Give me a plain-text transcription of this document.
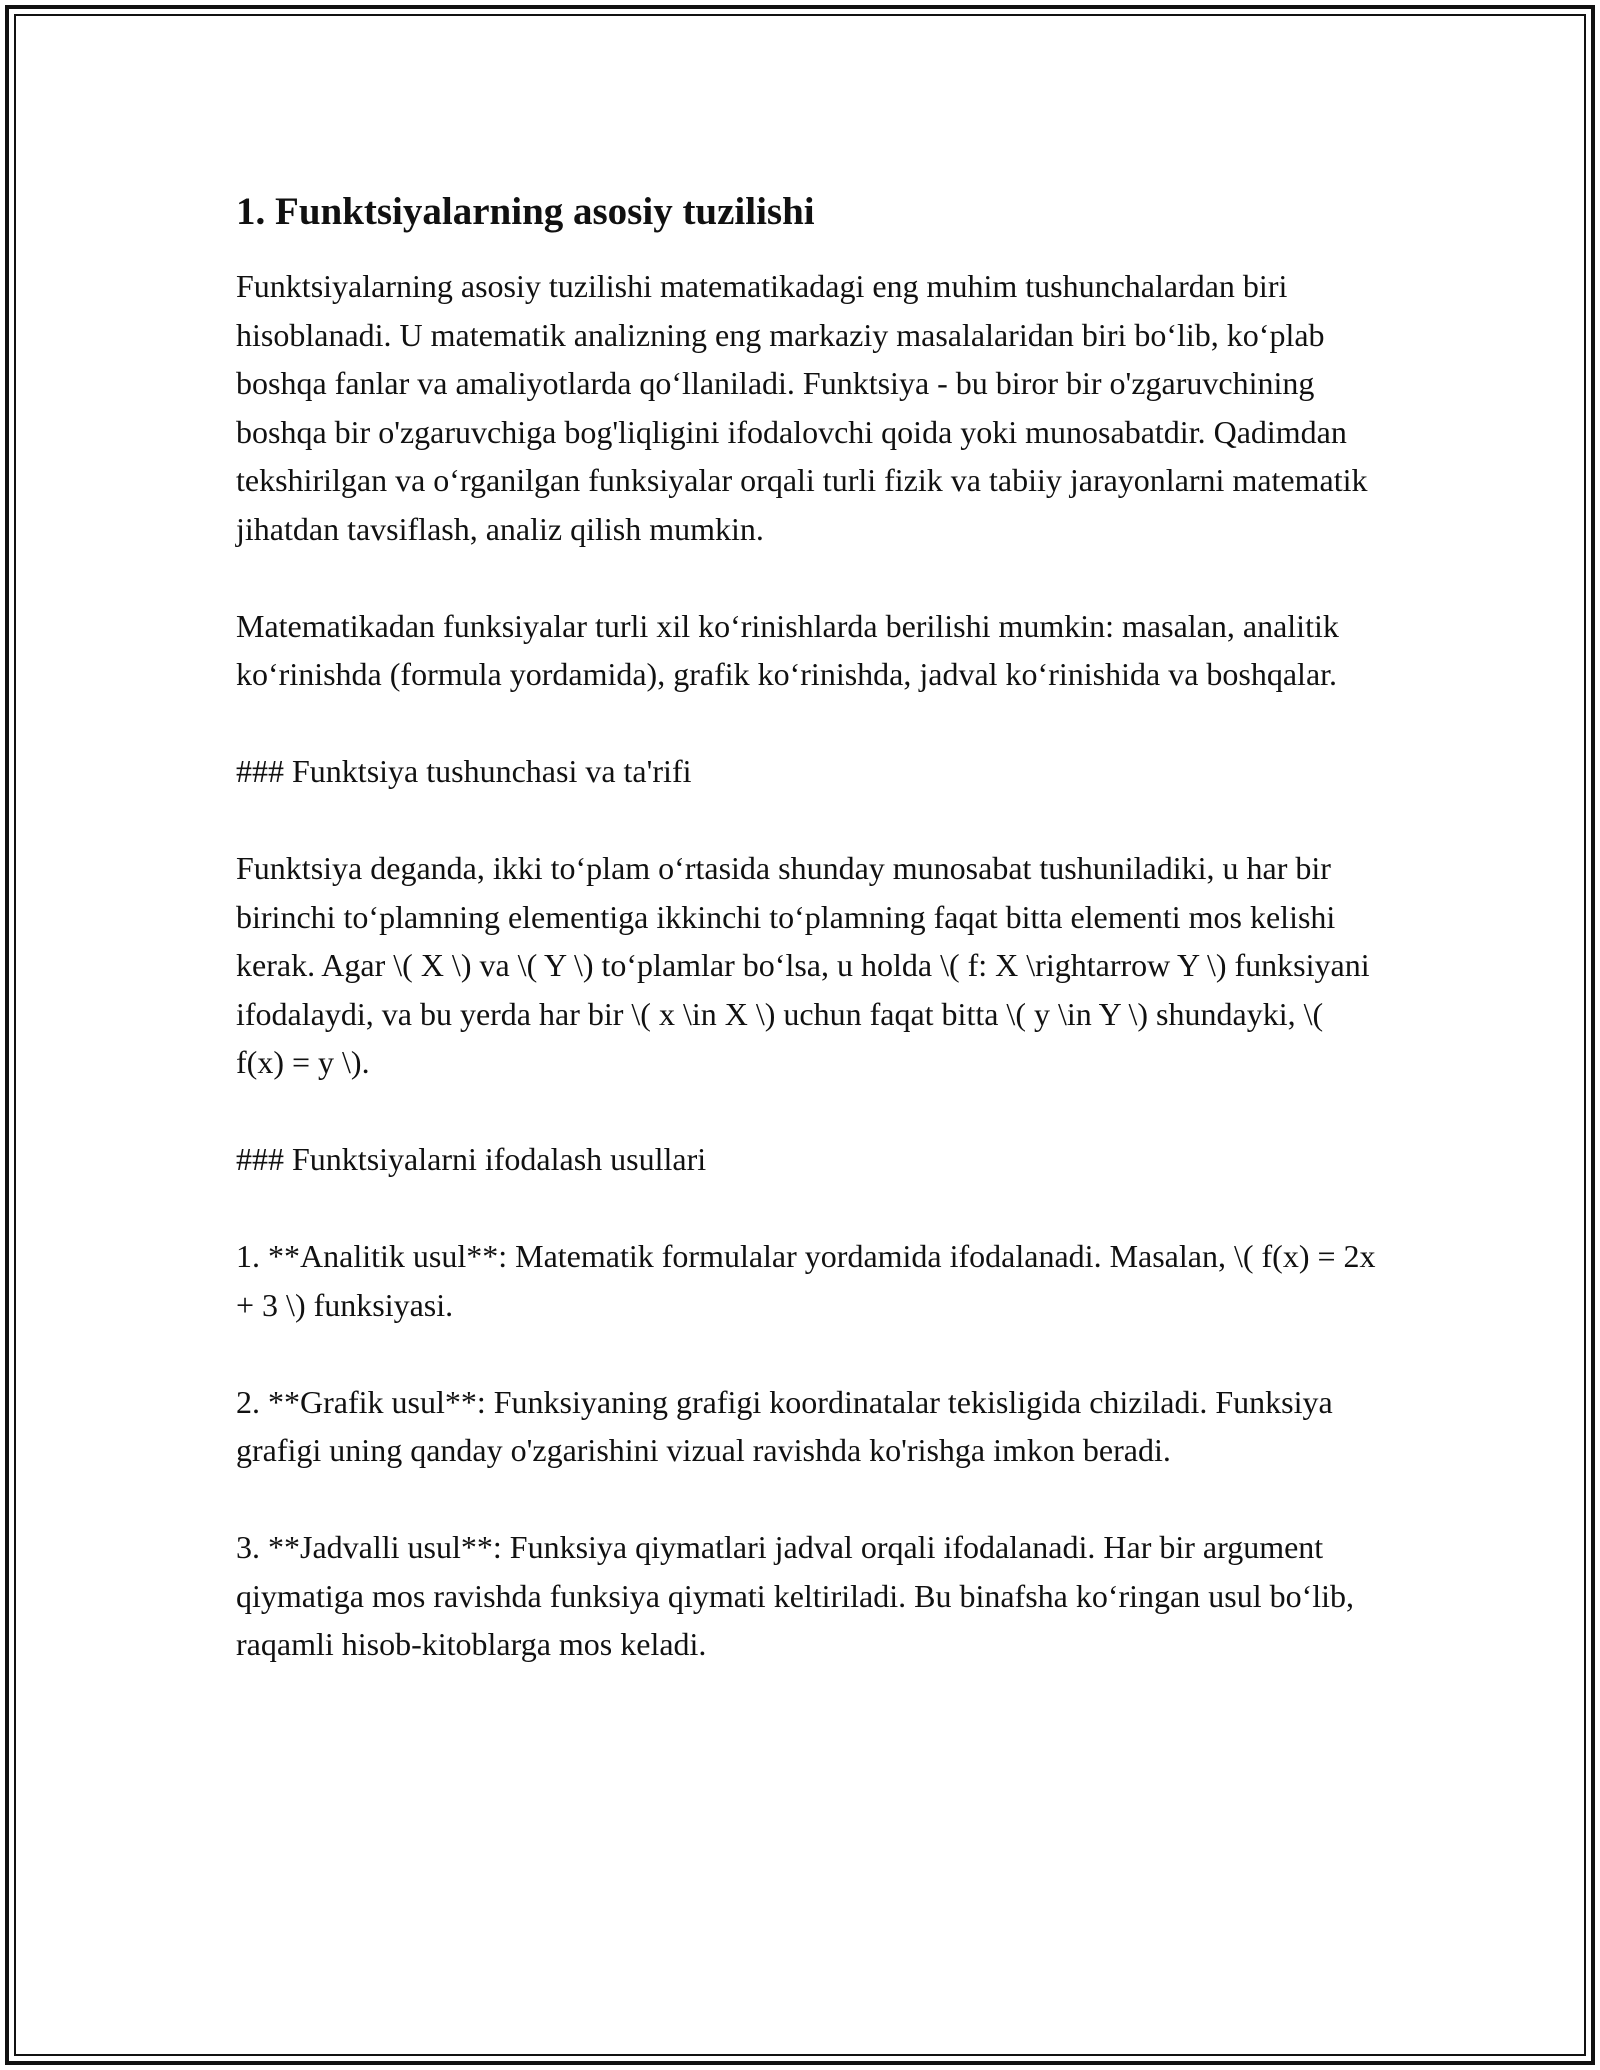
1. Funktsiyalarning asosiy tuzilishi

Funktsiyalarning asosiy tuzilishi matematikadagi eng muhim tushunchalardan biri hisoblanadi. U matematik analizning eng markaziy masalalaridan biri bo‘lib, ko‘plab boshqa fanlar va amaliyotlarda qo‘llaniladi. Funktsiya - bu biror bir o'zgaruvchining boshqa bir o'zgaruvchiga bog'liqligini ifodalovchi qoida yoki munosabatdir. Qadimdan tekshirilgan va o‘rganilgan funksiyalar orqali turli fizik va tabiiy jarayonlarni matematik jihatdan tavsiflash, analiz qilish mumkin.

Matematikadan funksiyalar turli xil ko‘rinishlarda berilishi mumkin: masalan, analitik ko‘rinishda (formula yordamida), grafik ko‘rinishda, jadval ko‘rinishida va boshqalar.

### Funktsiya tushunchasi va ta'rifi

Funktsiya deganda, ikki to‘plam o‘rtasida shunday munosabat tushuniladiki, u har bir birinchi to‘plamning elementiga ikkinchi to‘plamning faqat bitta elementi mos kelishi kerak. Agar \( X \) va \( Y \) to‘plamlar bo‘lsa, u holda \( f: X \rightarrow Y \) funksiyani ifodalaydi, va bu yerda har bir \( x \in X \) uchun faqat bitta \( y \in Y \) shundayki, \( f(x) = y \).

### Funktsiyalarni ifodalash usullari

1. **Analitik usul**: Matematik formulalar yordamida ifodalanadi. Masalan, \( f(x) = 2x + 3 \) funksiyasi.

2. **Grafik usul**: Funksiyaning grafigi koordinatalar tekisligida chiziladi. Funksiya grafigi uning qanday o'zgarishini vizual ravishda ko'rishga imkon beradi.

3. **Jadvalli usul**: Funksiya qiymatlari jadval orqali ifodalanadi. Har bir argument qiymatiga mos ravishda funksiya qiymati keltiriladi. Bu binafsha ko‘ringan usul bo‘lib, raqamli hisob-kitoblarga mos keladi.
